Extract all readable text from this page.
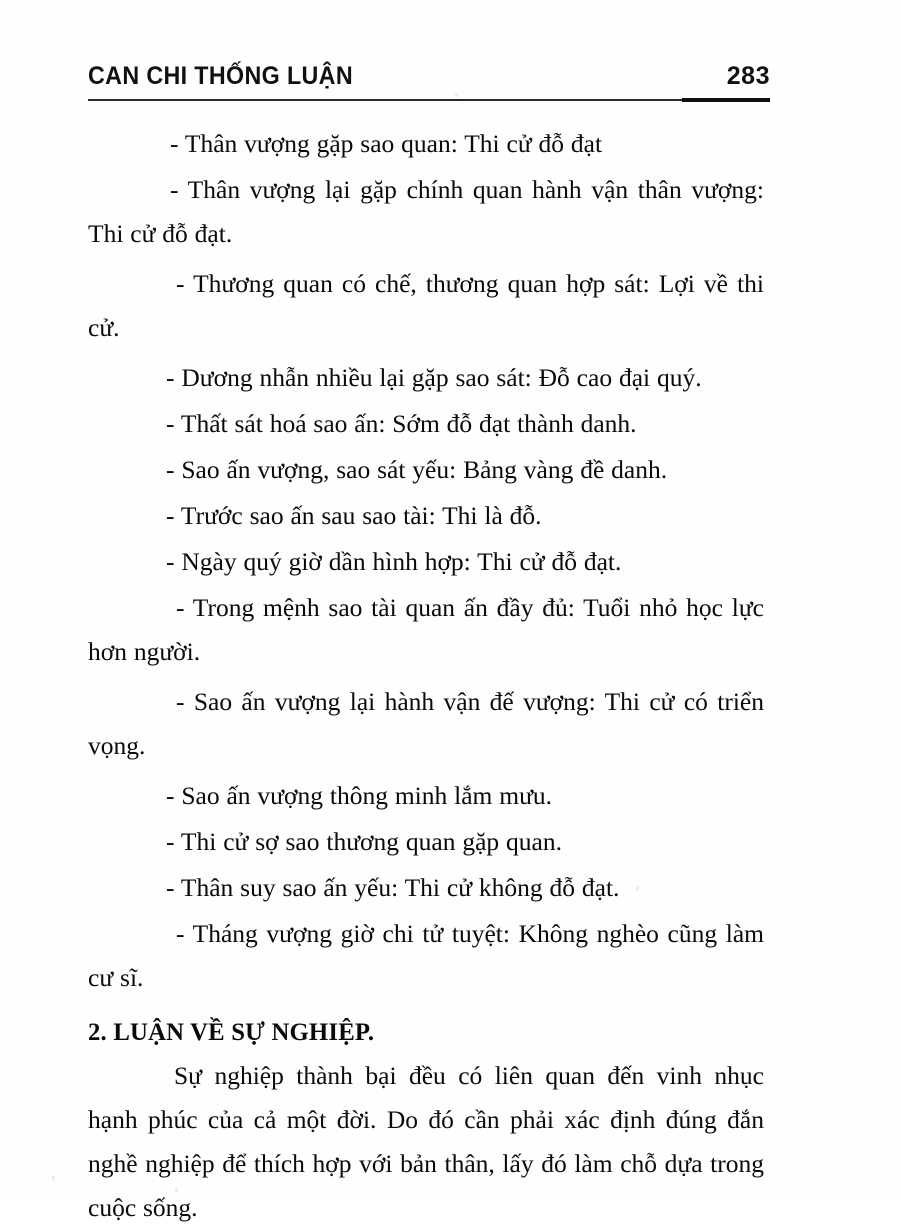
CAN CHI THỐNG LUẬN	283

- Thân vượng gặp sao quan: Thi cử đỗ đạt

- Thân vượng lại gặp chính quan hành vận thân vượng: Thi cử đỗ đạt.

- Thương quan có chế, thương quan hợp sát: Lợi về thi cử.

- Dương nhẫn nhiều lại gặp sao sát: Đỗ cao đại quý.

- Thất sát hoá sao ấn: Sớm đỗ đạt thành danh.

- Sao ấn vượng, sao sát yếu: Bảng vàng đề danh.

- Trước sao ấn sau sao tài: Thi là đỗ.

- Ngày quý giờ dần hình hợp: Thi cử đỗ đạt.

- Trong mệnh sao tài quan ấn đầy đủ: Tuổi nhỏ học lực hơn người.

- Sao ấn vượng lại hành vận đế vượng: Thi cử có triển vọng.

- Sao ấn vượng thông minh lắm mưu.

- Thi cử sợ sao thương quan gặp quan.

- Thân suy sao ấn yếu: Thi cử không đỗ đạt.

- Tháng vượng giờ chi tử tuyệt: Không nghèo cũng làm cư sĩ.

2. LUẬN VỀ SỰ NGHIỆP.

Sự nghiệp thành bại đều có liên quan đến vinh nhục hạnh phúc của cả một đời. Do đó cần phải xác định đúng đắn nghề nghiệp để thích hợp với bản thân, lấy đó làm chỗ dựa trong cuộc sống.
